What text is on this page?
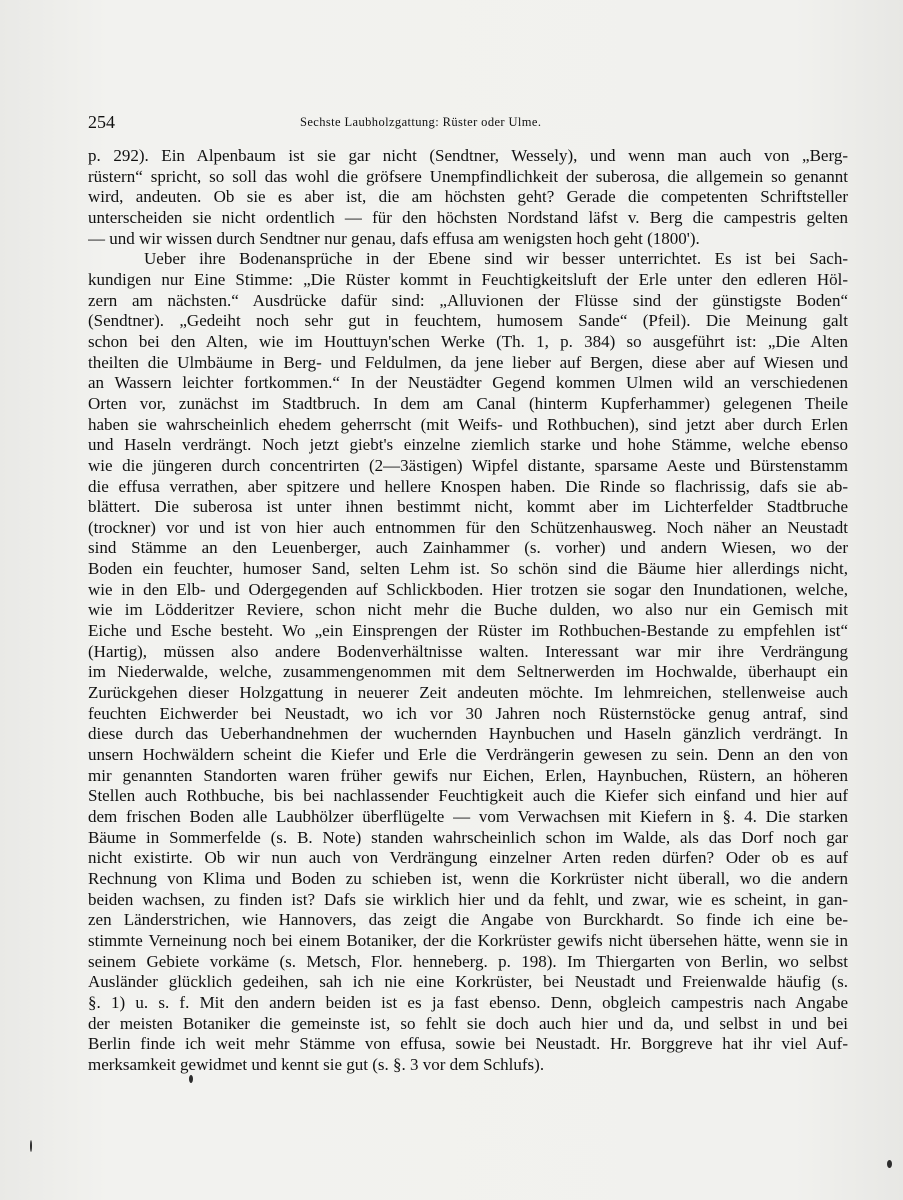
254	Sechste Laubholzgattung: Rüster oder Ulme.
p. 292). Ein Alpenbaum ist sie gar nicht (Sendtner, Wessely), und wenn man auch von „Berg-
rüstern“ spricht, so soll das wohl die gröfsere Unempfindlichkeit der suberosa, die allgemein so genannt
wird, andeuten. Ob sie es aber ist, die am höchsten geht? Gerade die competenten Schriftsteller
unterscheiden sie nicht ordentlich — für den höchsten Nordstand läfst v. Berg die campestris gelten
— und wir wissen durch Sendtner nur genau, dafs effusa am wenigsten hoch geht (1800').
Ueber ihre Bodenansprüche in der Ebene sind wir besser unterrichtet. Es ist bei Sach-
kundigen nur Eine Stimme: „Die Rüster kommt in Feuchtigkeitsluft der Erle unter den edleren Höl-
zern am nächsten.“ Ausdrücke dafür sind: „Alluvionen der Flüsse sind der günstigste Boden“
(Sendtner). „Gedeiht noch sehr gut in feuchtem, humosem Sande“ (Pfeil). Die Meinung galt
schon bei den Alten, wie im Houttuyn'schen Werke (Th. 1, p. 384) so ausgeführt ist: „Die Alten
theilten die Ulmbäume in Berg- und Feldulmen, da jene lieber auf Bergen, diese aber auf Wiesen und
an Wassern leichter fortkommen.“ In der Neustädter Gegend kommen Ulmen wild an verschiedenen
Orten vor, zunächst im Stadtbruch. In dem am Canal (hinterm Kupferhammer) gelegenen Theile
haben sie wahrscheinlich ehedem geherrscht (mit Weifs- und Rothbuchen), sind jetzt aber durch Erlen
und Haseln verdrängt. Noch jetzt giebt's einzelne ziemlich starke und hohe Stämme, welche ebenso
wie die jüngeren durch concentrirten (2—3ästigen) Wipfel distante, sparsame Aeste und Bürstenstamm
die effusa verrathen, aber spitzere und hellere Knospen haben. Die Rinde so flachrissig, dafs sie ab-
blättert. Die suberosa ist unter ihnen bestimmt nicht, kommt aber im Lichterfelder Stadtbruche
(trockner) vor und ist von hier auch entnommen für den Schützenhausweg. Noch näher an Neustadt
sind Stämme an den Leuenberger, auch Zainhammer (s. vorher) und andern Wiesen, wo der
Boden ein feuchter, humoser Sand, selten Lehm ist. So schön sind die Bäume hier allerdings nicht,
wie in den Elb- und Odergegenden auf Schlickboden. Hier trotzen sie sogar den Inundationen, welche,
wie im Lödderitzer Reviere, schon nicht mehr die Buche dulden, wo also nur ein Gemisch mit
Eiche und Esche besteht. Wo „ein Einsprengen der Rüster im Rothbuchen-Bestande zu empfehlen ist“
(Hartig), müssen also andere Bodenverhältnisse walten. Interessant war mir ihre Verdrängung
im Niederwalde, welche, zusammengenommen mit dem Seltnerwerden im Hochwalde, überhaupt ein
Zurückgehen dieser Holzgattung in neuerer Zeit andeuten möchte. Im lehmreichen, stellenweise auch
feuchten Eichwerder bei Neustadt, wo ich vor 30 Jahren noch Rüsternstöcke genug antraf, sind
diese durch das Ueberhandnehmen der wuchernden Haynbuchen und Haseln gänzlich verdrängt. In
unsern Hochwäldern scheint die Kiefer und Erle die Verdrängerin gewesen zu sein. Denn an den von
mir genannten Standorten waren früher gewifs nur Eichen, Erlen, Haynbuchen, Rüstern, an höheren
Stellen auch Rothbuche, bis bei nachlassender Feuchtigkeit auch die Kiefer sich einfand und hier auf
dem frischen Boden alle Laubhölzer überflügelte — vom Verwachsen mit Kiefern in §. 4. Die starken
Bäume in Sommerfelde (s. B. Note) standen wahrscheinlich schon im Walde, als das Dorf noch gar
nicht existirte. Ob wir nun auch von Verdrängung einzelner Arten reden dürfen? Oder ob es auf
Rechnung von Klima und Boden zu schieben ist, wenn die Korkrüster nicht überall, wo die andern
beiden wachsen, zu finden ist? Dafs sie wirklich hier und da fehlt, und zwar, wie es scheint, in gan-
zen Länderstrichen, wie Hannovers, das zeigt die Angabe von Burckhardt. So finde ich eine be-
stimmte Verneinung noch bei einem Botaniker, der die Korkrüster gewifs nicht übersehen hätte, wenn sie in
seinem Gebiete vorkäme (s. Metsch, Flor. henneberg. p. 198). Im Thiergarten von Berlin, wo selbst
Ausländer glücklich gedeihen, sah ich nie eine Korkrüster, bei Neustadt und Freienwalde häufig (s.
§. 1) u. s. f. Mit den andern beiden ist es ja fast ebenso. Denn, obgleich campestris nach Angabe
der meisten Botaniker die gemeinste ist, so fehlt sie doch auch hier und da, und selbst in und bei
Berlin finde ich weit mehr Stämme von effusa, sowie bei Neustadt. Hr. Borggreve hat ihr viel Auf-
merksamkeit gewidmet und kennt sie gut (s. §. 3 vor dem Schlufs).
